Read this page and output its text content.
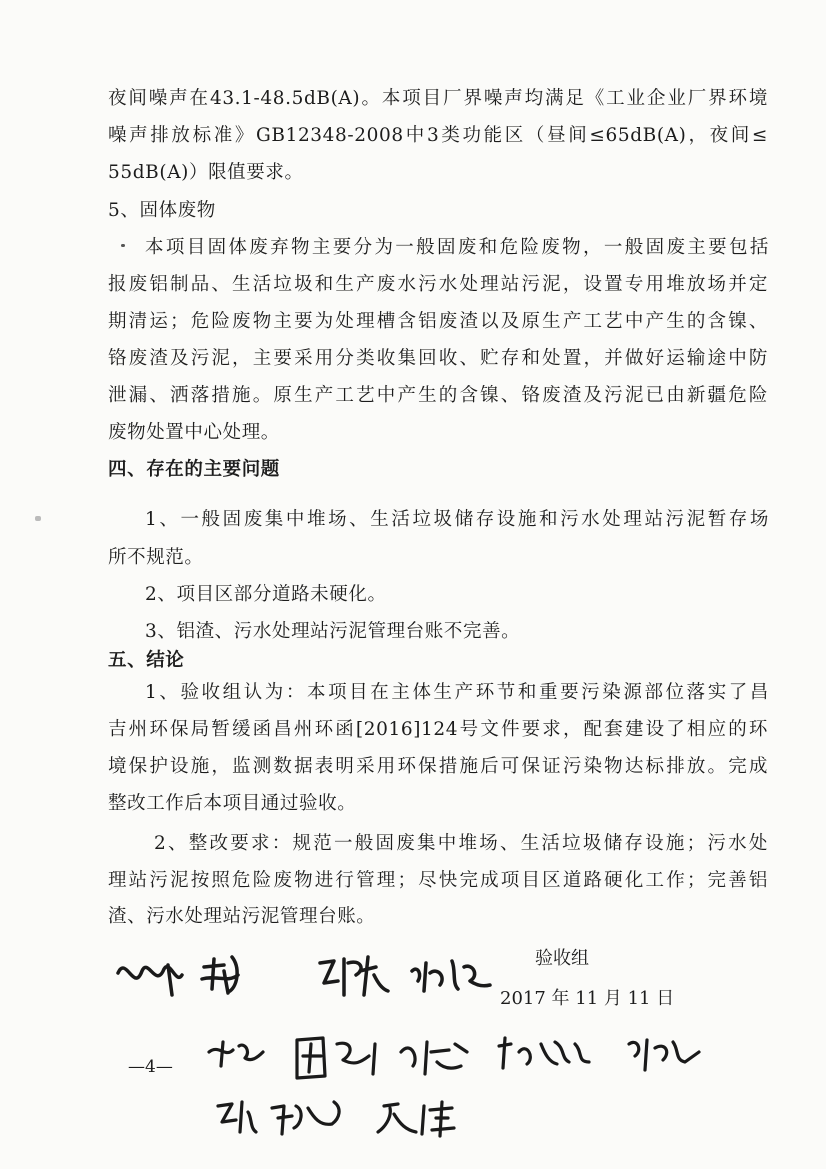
夜间噪声在43.1-48.5dB(A)。本项目厂界噪声均满足《工业企业厂界环境
噪声排放标准》GB12348-2008中3类功能区（昼间≤65dB(A)，夜间≤
55dB(A)）限值要求。
5、固体废物
本项目固体废弃物主要分为一般固废和危险废物，一般固废主要包括
报废铝制品、生活垃圾和生产废水污水处理站污泥，设置专用堆放场并定
期清运；危险废物主要为处理槽含铝废渣以及原生产工艺中产生的含镍、
铬废渣及污泥，主要采用分类收集回收、贮存和处置，并做好运输途中防
泄漏、洒落措施。原生产工艺中产生的含镍、铬废渣及污泥已由新疆危险
废物处置中心处理。
四、存在的主要问题
1、一般固废集中堆场、生活垃圾储存设施和污水处理站污泥暂存场
所不规范。
2、项目区部分道路未硬化。
3、铝渣、污水处理站污泥管理台账不完善。
五、结论
1、验收组认为：本项目在主体生产环节和重要污染源部位落实了昌
吉州环保局暂缓函昌州环函[2016]124号文件要求，配套建设了相应的环
境保护设施，监测数据表明采用环保措施后可保证污染物达标排放。完成
整改工作后本项目通过验收。
2、整改要求：规范一般固废集中堆场、生活垃圾储存设施；污水处
理站污泥按照危险废物进行管理；尽快完成项目区道路硬化工作；完善铝
渣、污水处理站污泥管理台账。
验收组
2017 年 11 月 11 日
—4—
